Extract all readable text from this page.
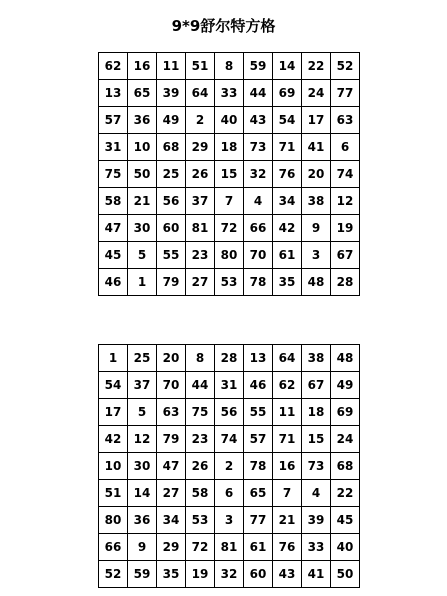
9*9舒尔特方格
62	16	11	51	8	59	14	22	52
13	65	39	64	33	44	69	24	77
57	36	49	2	40	43	54	17	63
31	10	68	29	18	73	71	41	6
75	50	25	26	15	32	76	20	74
58	21	56	37	7	4	34	38	12
47	30	60	81	72	66	42	9	19
45	5	55	23	80	70	61	3	67
46	1	79	27	53	78	35	48	28
1	25	20	8	28	13	64	38	48
54	37	70	44	31	46	62	67	49
17	5	63	75	56	55	11	18	69
42	12	79	23	74	57	71	15	24
10	30	47	26	2	78	16	73	68
51	14	27	58	6	65	7	4	22
80	36	34	53	3	77	21	39	45
66	9	29	72	81	61	76	33	40
52	59	35	19	32	60	43	41	50
